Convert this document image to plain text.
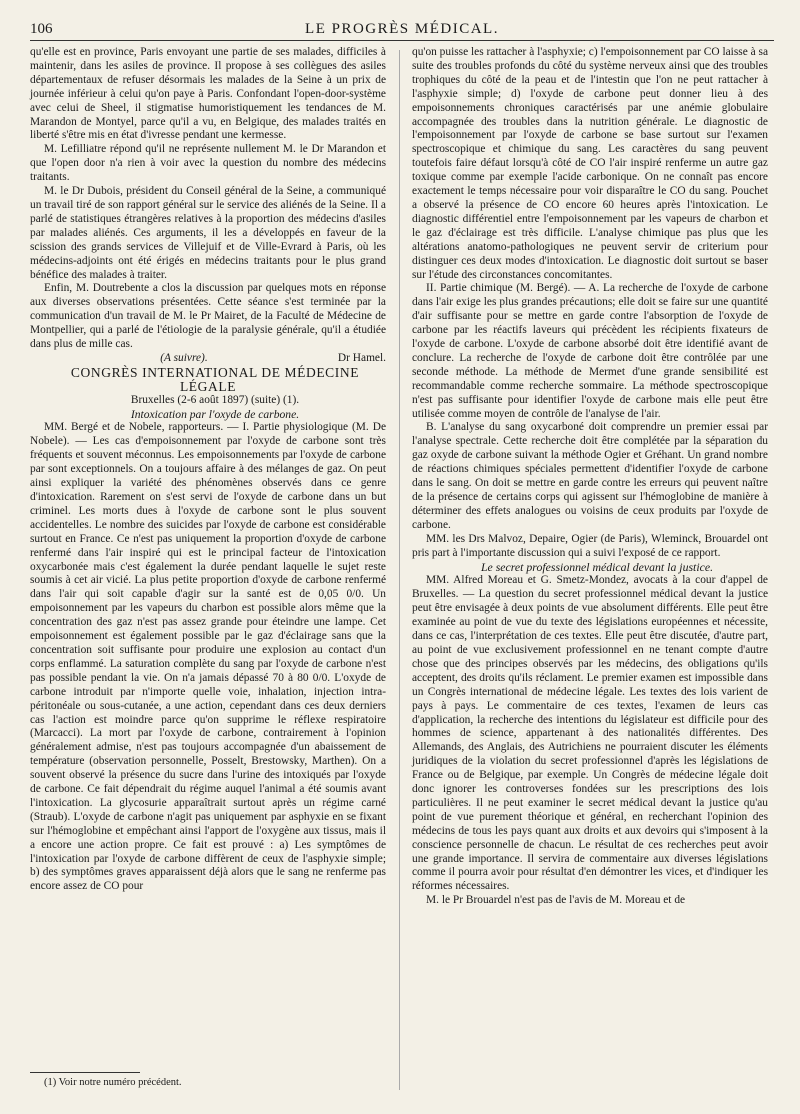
106	LE PROGRÈS MÉDICAL.

qu'elle est en province, Paris envoyant une partie de ses malades, difficiles à maintenir, dans les asiles de province. Il propose à ses collègues des asiles départementaux de refuser désormais les malades de la Seine à un prix de journée inférieur à celui qu'on paye à Paris. Confondant l'open-door-système avec celui de Sheel, il stigmatise humoristiquement les tendances de M. Marandon de Montyel, parce qu'il a vu, en Belgique, des malades traités en liberté s'être mis en état d'ivresse pendant une kermesse.

M. Lefilliatre répond qu'il ne représente nullement M. le Dr Marandon et que l'open door n'a rien à voir avec la question du nombre des médecins traitants.

M. le Dr Dubois, président du Conseil général de la Seine, a communiqué un travail tiré de son rapport général sur le service des aliénés de la Seine. Il a parlé de statistiques étrangères relatives à la proportion des médecins d'asiles par malades aliénés. Ces arguments, il les a développés en faveur de la scission des grands services de Villejuif et de Ville-Evrard à Paris, où les médecins-adjoints ont été érigés en médecins traitants pour le plus grand bénéfice des malades à traiter.

Enfin, M. Doutrebente a clos la discussion par quelques mots en réponse aux diverses observations présentées. Cette séance s'est terminée par la communication d'un travail de M. le Pr Mairet, de la Faculté de Médecine de Montpellier, qui a parlé de l'étiologie de la paralysie générale, qu'il a étudiée dans plus de mille cas.

(A suivre).	Dr Hamel.

CONGRÈS INTERNATIONAL DE MÉDECINE LÉGALE

Bruxelles (2-6 août 1897) (suite) (1).

Intoxication par l'oxyde de carbone.

MM. Bergé et de Nobele, rapporteurs. — I. Partie physiologique (M. De Nobele). — Les cas d'empoisonnement par l'oxyde de carbone sont très fréquents et souvent méconnus. Les empoisonnements par l'oxyde de carbone par sont exceptionnels. On a toujours affaire à des mélanges de gaz. On peut ainsi expliquer la variété des phénomènes observés dans ce genre d'intoxication. Rarement on s'est servi de l'oxyde de carbone dans un but criminel. Les morts dues à l'oxyde de carbone sont le plus souvent accidentelles. Le nombre des suicides par l'oxyde de carbone est considérable surtout en France. Ce n'est pas uniquement la proportion d'oxyde de carbone renfermé dans l'air inspiré qui est le principal facteur de l'intoxication oxycarbonée mais c'est également la durée pendant laquelle le sujet reste soumis à cet air vicié. La plus petite proportion d'oxyde de carbone renfermé dans l'air qui soit capable d'agir sur la santé est de 0,05 0/0. Un empoisonnement par les vapeurs du charbon est possible alors même que la concentration des gaz n'est pas assez grande pour éteindre une lampe. Cet empoisonnement est également possible par le gaz d'éclairage sans que la concentration soit suffisante pour produire une explosion au contact d'un corps enflammé. La saturation complète du sang par l'oxyde de carbone n'est pas possible pendant la vie. On n'a jamais dépassé 70 à 80 0/0. L'oxyde de carbone introduit par n'importe quelle voie, inhalation, injection intra-péritonéale ou sous-cutanée, a une action, cependant dans ces deux derniers cas l'action est moindre parce qu'on supprime le réflexe respiratoire (Marcacci). La mort par l'oxyde de carbone, contrairement à l'opinion généralement admise, n'est pas toujours accompagnée d'un abaissement de température (observation personnelle, Posselt, Brestowsky, Marthen). On a souvent observé la présence du sucre dans l'urine des intoxiqués par l'oxyde de carbone. Ce fait dépendrait du régime auquel l'animal a été soumis avant l'intoxication. La glycosurie apparaîtrait surtout après un régime carné (Straub). L'oxyde de carbone n'agit pas uniquement par asphyxie en se fixant sur l'hémoglobine et empêchant ainsi l'apport de l'oxygène aux tissus, mais il a encore une action propre. Ce fait est prouvé : a) Les symptômes de l'intoxication par l'oxyde de carbone diffèrent de ceux de l'asphyxie simple; b) des symptômes graves apparaissent déjà alors que le sang ne renferme pas encore assez de CO pour

qu'on puisse les rattacher à l'asphyxie; c) l'empoisonnement par CO laisse à sa suite des troubles profonds du côté du système nerveux ainsi que des troubles trophiques du côté de la peau et de l'intestin que l'on ne peut rattacher à l'asphyxie simple; d) l'oxyde de carbone peut donner lieu à des empoisonnements chroniques caractérisés par une anémie globulaire accompagnée des troubles dans la nutrition générale. Le diagnostic de l'empoisonnement par l'oxyde de carbone se base surtout sur l'examen spectroscopique et chimique du sang. Les caractères du sang peuvent toutefois faire défaut lorsqu'à côté de CO l'air inspiré renferme un autre gaz toxique comme par exemple l'acide carbonique. On ne connaît pas encore exactement le temps nécessaire pour voir disparaître le CO du sang. Pouchet a observé la présence de CO encore 60 heures après l'intoxication. Le diagnostic différentiel entre l'empoisonnement par les vapeurs de charbon et le gaz d'éclairage est très difficile. L'analyse chimique pas plus que les altérations anatomo-pathologiques ne peuvent servir de criterium pour distinguer ces deux modes d'intoxication. Le diagnostic doit surtout se baser sur l'étude des circonstances concomitantes.

II. Partie chimique (M. Bergé). — A. La recherche de l'oxyde de carbone dans l'air exige les plus grandes précautions; elle doit se faire sur une quantité d'air suffisante pour se mettre en garde contre l'absorption de l'oxyde de carbone par les réactifs laveurs qui précèdent les récipients fixateurs de l'oxyde de carbone. L'oxyde de carbone absorbé doit être identifié avant de conclure. La recherche de l'oxyde de carbone doit être contrôlée par une seconde méthode. La méthode de Mermet d'une grande sensibilité est recommandable comme recherche sommaire. La méthode spectroscopique n'est pas suffisante pour identifier l'oxyde de carbone mais elle peut être utilisée comme moyen de contrôle de l'analyse de l'air.

B. L'analyse du sang oxycarboné doit comprendre un premier essai par l'analyse spectrale. Cette recherche doit être complétée par la séparation du gaz oxyde de carbone suivant la méthode Ogier et Gréhant. Un grand nombre de réactions chimiques spéciales permettent d'identifier l'oxyde de carbone dans le sang. On doit se mettre en garde contre les erreurs qui peuvent naître de la présence de certains corps qui agissent sur l'hémoglobine de manière à déterminer des effets analogues ou voisins de ceux produits par l'oxyde de carbone.

MM. les Drs Malvoz, Depaire, Ogier (de Paris), Wleminck, Brouardel ont pris part à l'importante discussion qui a suivi l'exposé de ce rapport.

Le secret professionnel médical devant la justice.

MM. Alfred Moreau et G. Smetz-Mondez, avocats à la cour d'appel de Bruxelles. — La question du secret professionnel médical devant la justice peut être envisagée à deux points de vue absolument différents. Elle peut être examinée au point de vue du texte des législations européennes et nécessite, dans ce cas, l'interprétation de ces textes. Elle peut être discutée, d'autre part, au point de vue exclusivement professionnel en ne tenant compte d'autre chose que des principes observés par les médecins, des obligations qu'ils acceptent, des droits qu'ils réclament. Le premier examen est impossible dans un Congrès international de médecine légale. Les textes des lois varient de pays à pays. Le commentaire de ces textes, l'examen de leurs cas d'application, la recherche des intentions du législateur est difficile pour des hommes de science, appartenant à des nationalités différentes. Des Allemands, des Anglais, des Autrichiens ne pourraient discuter les éléments juridiques de la violation du secret professionnel d'après les législations de France ou de Belgique, par exemple. Un Congrès de médecine légale doit donc ignorer les controverses fondées sur les prescriptions des lois particulières. Il ne peut examiner le secret médical devant la justice qu'au point de vue purement théorique et général, en recherchant l'opinion des médecins de tous les pays quant aux droits et aux devoirs qui s'imposent à la conscience personnelle de chacun. Le résultat de ces recherches peut avoir une grande importance. Il servira de commentaire aux diverses législations comme il pourra avoir pour résultat d'en démontrer les vices, et d'indiquer les réformes nécessaires.

M. le Pr Brouardel n'est pas de l'avis de M. Moreau et de

(1) Voir notre numéro précédent.
